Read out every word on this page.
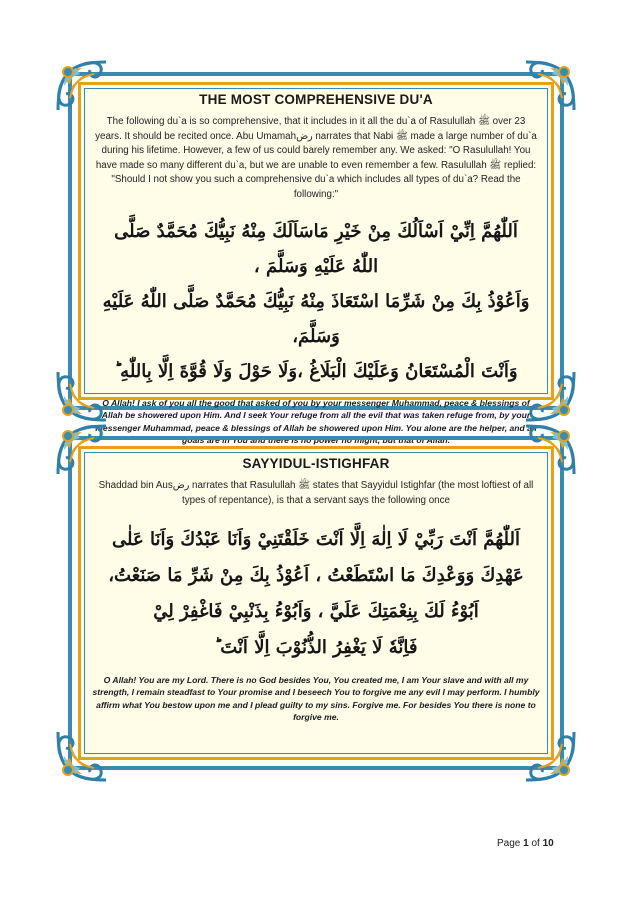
THE MOST COMPREHENSIVE DU'A

The following du`a is so comprehensive, that it includes in it all the du`a of Rasulullah ﷺ over 23 years. It should be recited once. Abu Umamahرض narrates that Nabi ﷺ made a large number of du`a during his lifetime. However, a few of us could barely remember any. We asked: "O Rasulullah! You have made so many different du`a, but we are unable to even remember a few. Rasulullah ﷺ replied: "Should I not show you such a comprehensive du`a which includes all types of du`a? Read the following:"

اَللّٰهُمَّ اِنِّيْ اَسْاَلُكَ مِنْ خَيْرِ مَاسَاَلَكَ مِنْهُ نَبِيُّكَ مُحَمَّدٌ صَلَّى اللّٰهُ عَلَيْهِ وَسَلَّمَ ،

وَاَعُوْذُ بِكَ مِنْ شَرِّمَا اسْتَعَاذَ مِنْهُ نَبِيُّكَ مُحَمَّدٌ صَلَّى اللّٰهُ عَلَيْهِ وَسَلَّمَ،

وَاَنْتَ الْمُسْتَعَانُ وَعَلَيْكَ الْبَلَاغُ ،وَلَا حَوْلَ وَلَا قُوَّةَ اِلَّا بِاللّٰهِ ؕ

O Allah! I ask of you all the good that asked of you by your messenger Muhammad, peace & blessings of Allah be showered upon Him. And I seek Your refuge from all the evil that was taken refuge from, by your messenger Muhammad, peace & blessings of Allah be showered upon Him. You alone are the helper, and all goals are in You and there is no power no might, but that of Allah.

SAYYIDUL-ISTIGHFAR

Shaddad bin Ausرض narrates that Rasulullah ﷺ states that Sayyidul Istighfar (the most loftiest of all types of repentance), is that a servant says the following once

اَللّٰهُمَّ اَنْتَ رَبِّيْ لَا اِلٰهَ اِلَّا اَنْتَ خَلَقْتَنِيْ وَاَنَا عَبْدُكَ وَاَنَا عَلٰى

عَهْدِكَ وَوَعْدِكَ مَا اسْتَطَعْتُ ، اَعُوْذُ بِكَ مِنْ شَرِّ مَا صَنَعْتُ،

اَبُوْءُ لَكَ بِنِعْمَتِكَ عَلَيَّ ، وَاَبُوْءُ بِذَنْبِيْ فَاغْفِرْ لِيْ

فَاِنَّهٗ لَا يَغْفِرُ الذُّنُوْبَ اِلَّا اَنْتَ ؕ

O Allah! You are my Lord. There is no God besides You, You created me, I am Your slave and with all my strength, I remain steadfast to Your promise and I beseech You to forgive me any evil I may perform. I humbly affirm what You bestow upon me and I plead guilty to my sins. Forgive me. For besides You there is none to forgive me.

Page 1 of 10
